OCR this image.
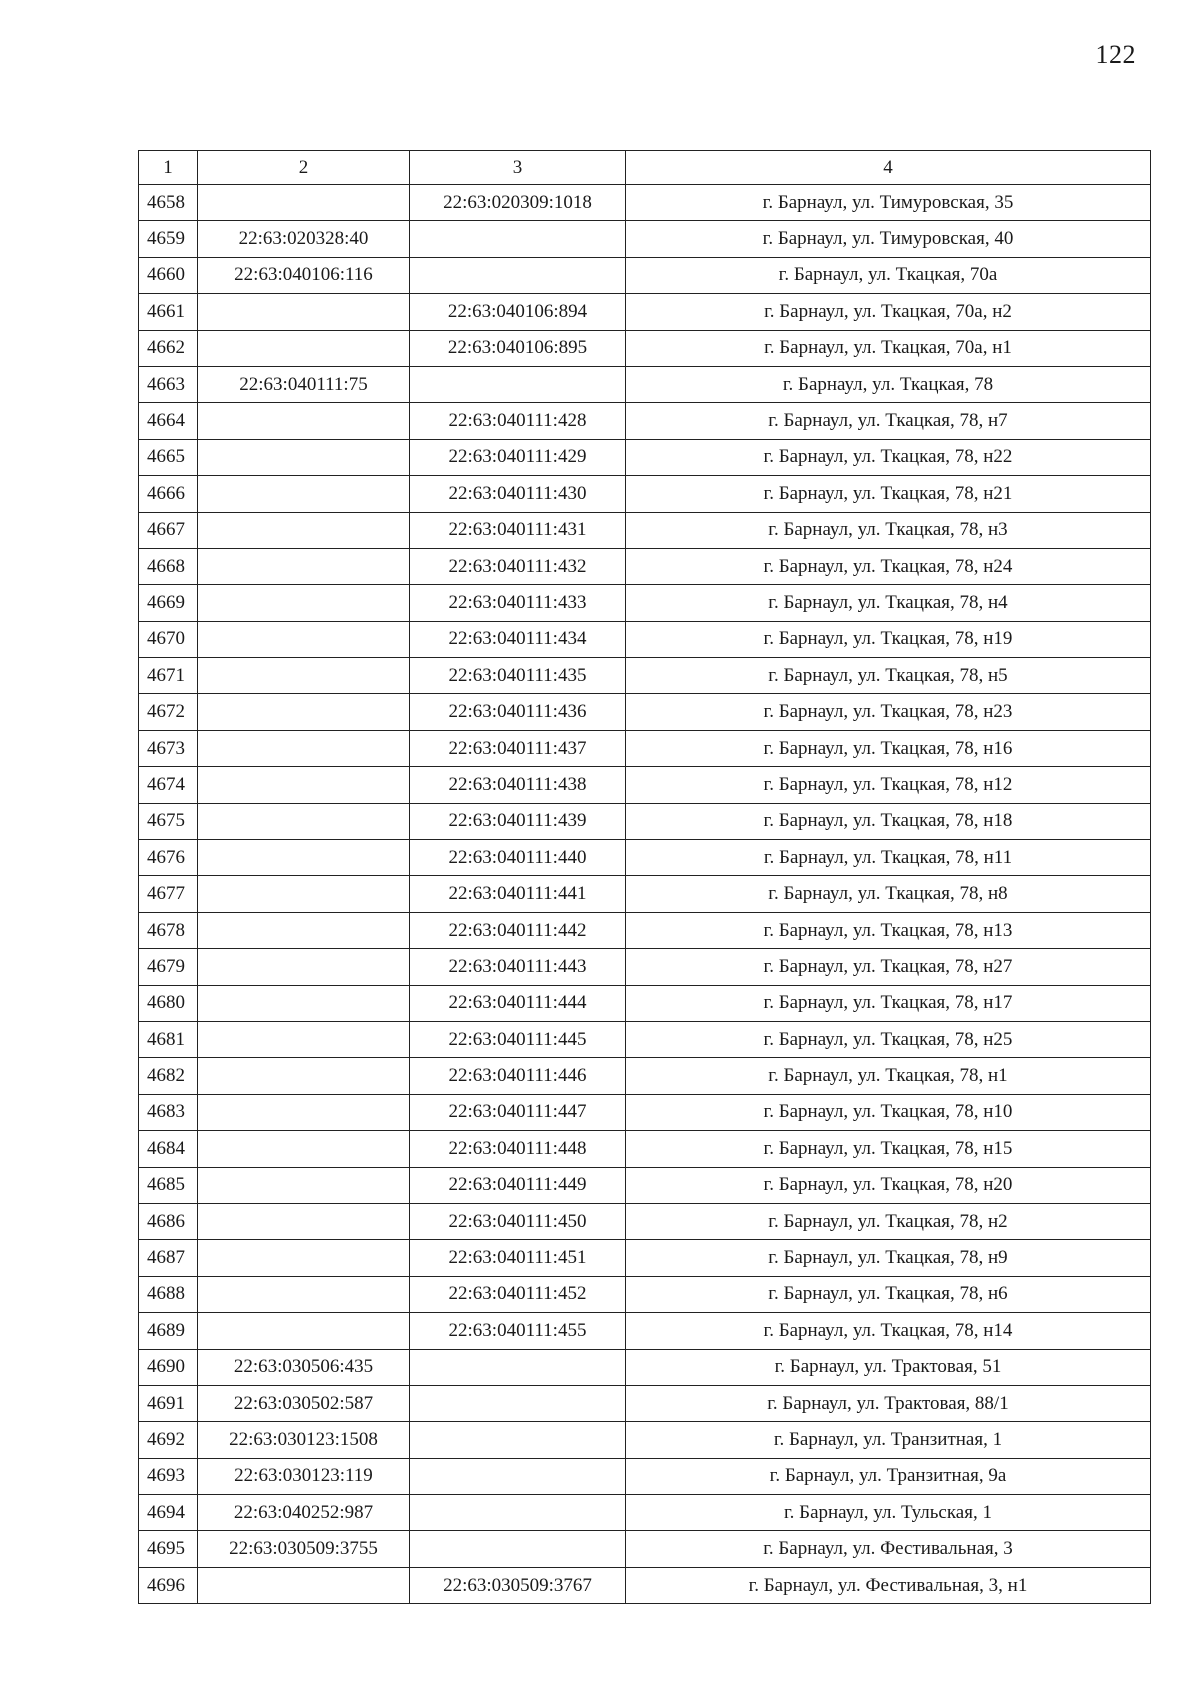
122
1	2	3	4
4658		22:63:020309:1018	г. Барнаул, ул. Тимуровская, 35
4659	22:63:020328:40		г. Барнаул, ул. Тимуровская, 40
4660	22:63:040106:116		г. Барнаул, ул. Ткацкая, 70а
4661		22:63:040106:894	г. Барнаул, ул. Ткацкая, 70а, н2
4662		22:63:040106:895	г. Барнаул, ул. Ткацкая, 70а, н1
4663	22:63:040111:75		г. Барнаул, ул. Ткацкая, 78
4664		22:63:040111:428	г. Барнаул, ул. Ткацкая, 78, н7
4665		22:63:040111:429	г. Барнаул, ул. Ткацкая, 78, н22
4666		22:63:040111:430	г. Барнаул, ул. Ткацкая, 78, н21
4667		22:63:040111:431	г. Барнаул, ул. Ткацкая, 78, н3
4668		22:63:040111:432	г. Барнаул, ул. Ткацкая, 78, н24
4669		22:63:040111:433	г. Барнаул, ул. Ткацкая, 78, н4
4670		22:63:040111:434	г. Барнаул, ул. Ткацкая, 78, н19
4671		22:63:040111:435	г. Барнаул, ул. Ткацкая, 78, н5
4672		22:63:040111:436	г. Барнаул, ул. Ткацкая, 78, н23
4673		22:63:040111:437	г. Барнаул, ул. Ткацкая, 78, н16
4674		22:63:040111:438	г. Барнаул, ул. Ткацкая, 78, н12
4675		22:63:040111:439	г. Барнаул, ул. Ткацкая, 78, н18
4676		22:63:040111:440	г. Барнаул, ул. Ткацкая, 78, н11
4677		22:63:040111:441	г. Барнаул, ул. Ткацкая, 78, н8
4678		22:63:040111:442	г. Барнаул, ул. Ткацкая, 78, н13
4679		22:63:040111:443	г. Барнаул, ул. Ткацкая, 78, н27
4680		22:63:040111:444	г. Барнаул, ул. Ткацкая, 78, н17
4681		22:63:040111:445	г. Барнаул, ул. Ткацкая, 78, н25
4682		22:63:040111:446	г. Барнаул, ул. Ткацкая, 78, н1
4683		22:63:040111:447	г. Барнаул, ул. Ткацкая, 78, н10
4684		22:63:040111:448	г. Барнаул, ул. Ткацкая, 78, н15
4685		22:63:040111:449	г. Барнаул, ул. Ткацкая, 78, н20
4686		22:63:040111:450	г. Барнаул, ул. Ткацкая, 78, н2
4687		22:63:040111:451	г. Барнаул, ул. Ткацкая, 78, н9
4688		22:63:040111:452	г. Барнаул, ул. Ткацкая, 78, н6
4689		22:63:040111:455	г. Барнаул, ул. Ткацкая, 78, н14
4690	22:63:030506:435		г. Барнаул, ул. Трактовая, 51
4691	22:63:030502:587		г. Барнаул, ул. Трактовая, 88/1
4692	22:63:030123:1508		г. Барнаул, ул. Транзитная, 1
4693	22:63:030123:119		г. Барнаул, ул. Транзитная, 9а
4694	22:63:040252:987		г. Барнаул, ул. Тульская, 1
4695	22:63:030509:3755		г. Барнаул, ул. Фестивальная, 3
4696		22:63:030509:3767	г. Барнаул, ул. Фестивальная, 3, н1
